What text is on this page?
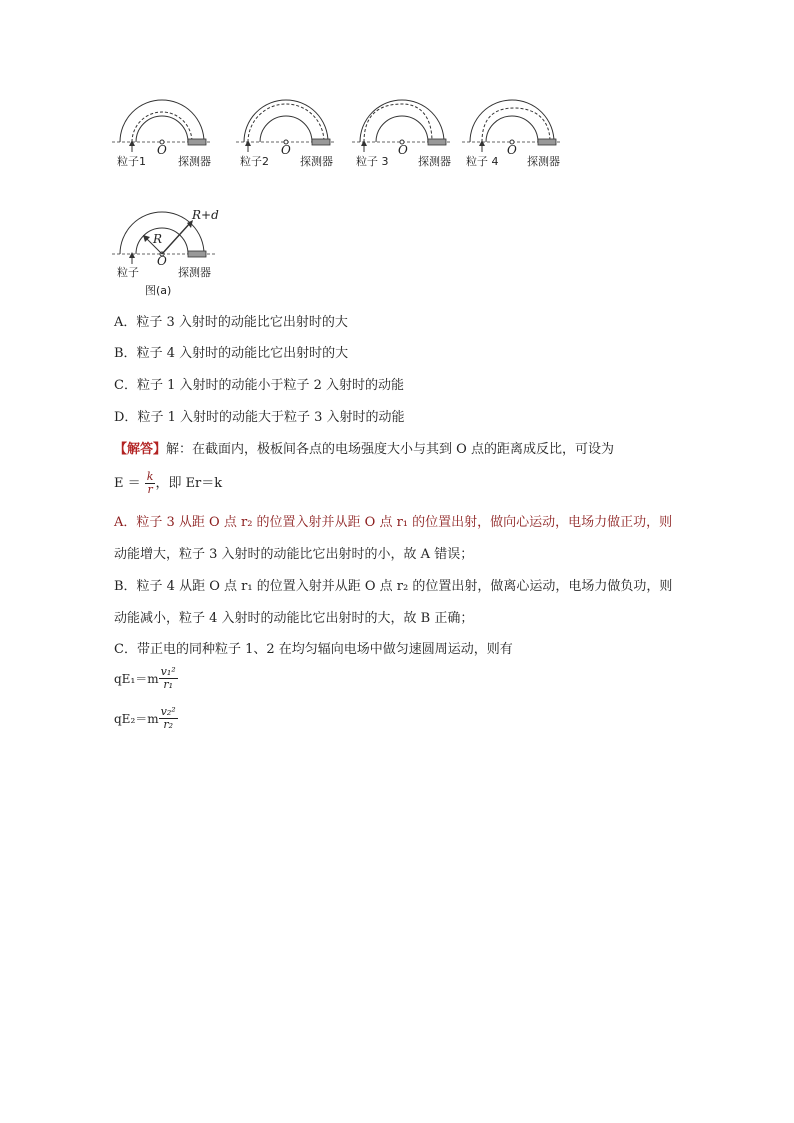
粒子1
O
探测器	粒子2
O
探测器 粒子 3
O
探测器 粒子 4
O
探测器
R+d
R
O
粒子	探测器
图(a)
A．粒子 3 入射时的动能比它出射时的大
B．粒子 4 入射时的动能比它出射时的大
C．粒子 1 入射时的动能小于粒子 2 入射时的动能
D．粒子 1 入射时的动能大于粒子 3 入射时的动能
【解答】解：在截面内，极板间各点的电场强度大小与其到 O 点的距离成反比，可设为
$E = \frac{k}{r}$ ，即 Er＝k
A．粒子 3 从距 O 点 r₂ 的位置入射并从距 O 点 r₁ 的位置出射，做向心运动，电场力做正功，则
动能增大，粒子 3 入射时的动能比它出射时的小，故 A 错误；
B．粒子 4 从距 O 点 r₁ 的位置入射并从距 O 点 r₂ 的位置出射，做离心运动，电场力做负功，则
动能减小，粒子 4 入射时的动能比它出射时的大，故 B 正确；
C．带正电的同种粒子 1、2 在均匀辐向电场中做匀速圆周运动，则有
$qE_1=m \frac{\text{v₁²}}{\text{r₁}}$
$qE_2=m \frac{\text{v₂²}}{\text{r₂}}$
